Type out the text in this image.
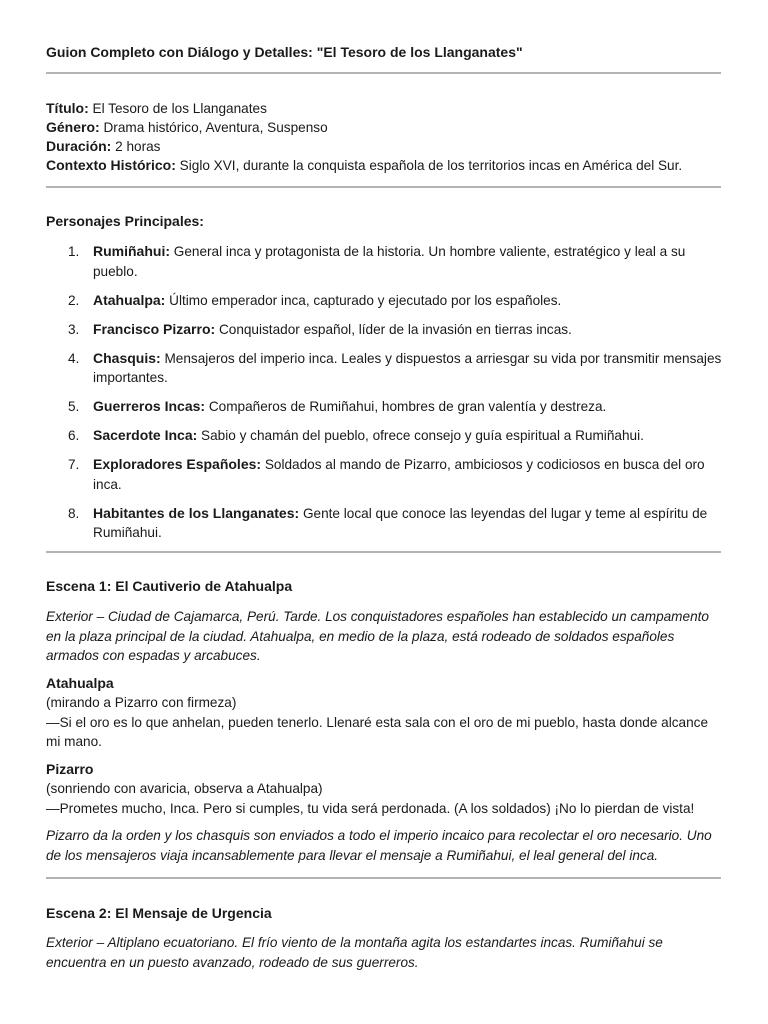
Guion Completo con Diálogo y Detalles: "El Tesoro de los Llanganates"
Título: El Tesoro de los Llanganates
Género: Drama histórico, Aventura, Suspenso
Duración: 2 horas
Contexto Histórico: Siglo XVI, durante la conquista española de los territorios incas en América del Sur.
Personajes Principales:
1. Rumiñahui: General inca y protagonista de la historia. Un hombre valiente, estratégico y leal a su pueblo.
2. Atahualpa: Último emperador inca, capturado y ejecutado por los españoles.
3. Francisco Pizarro: Conquistador español, líder de la invasión en tierras incas.
4. Chasquis: Mensajeros del imperio inca. Leales y dispuestos a arriesgar su vida por transmitir mensajes importantes.
5. Guerreros Incas: Compañeros de Rumiñahui, hombres de gran valentía y destreza.
6. Sacerdote Inca: Sabio y chamán del pueblo, ofrece consejo y guía espiritual a Rumiñahui.
7. Exploradores Españoles: Soldados al mando de Pizarro, ambiciosos y codiciosos en busca del oro inca.
8. Habitantes de los Llanganates: Gente local que conoce las leyendas del lugar y teme al espíritu de Rumiñahui.
Escena 1: El Cautiverio de Atahualpa

Exterior – Ciudad de Cajamarca, Perú. Tarde. Los conquistadores españoles han establecido un campamento en la plaza principal de la ciudad. Atahualpa, en medio de la plaza, está rodeado de soldados españoles armados con espadas y arcabuces.

Atahualpa

(mirando a Pizarro con firmeza)

—Si el oro es lo que anhelan, pueden tenerlo. Llenaré esta sala con el oro de mi pueblo, hasta donde alcance mi mano.

Pizarro

(sonriendo con avaricia, observa a Atahualpa)

—Prometes mucho, Inca. Pero si cumples, tu vida será perdonada. (A los soldados) ¡No lo pierdan de vista!

Pizarro da la orden y los chasquis son enviados a todo el imperio incaico para recolectar el oro necesario. Uno de los mensajeros viaja incansablemente para llevar el mensaje a Rumiñahui, el leal general del inca.

Escena 2: El Mensaje de Urgencia

Exterior – Altiplano ecuatoriano. El frío viento de la montaña agita los estandartes incas. Rumiñahui se encuentra en un puesto avanzado, rodeado de sus guerreros.
